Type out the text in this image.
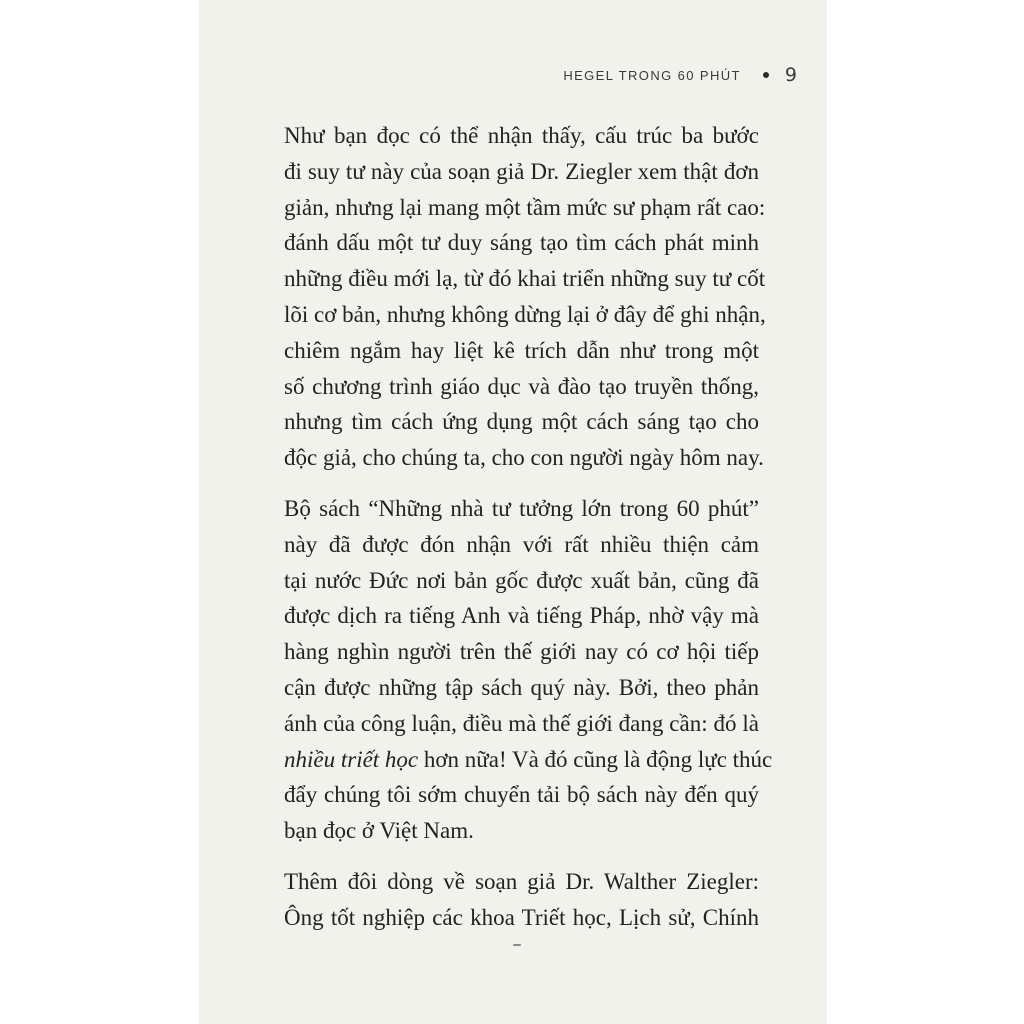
HEGEL TRONG 60 PHÚT 9

Như bạn đọc có thể nhận thấy, cấu trúc ba bước
đi suy tư này của soạn giả Dr. Ziegler xem thật đơn
giản, nhưng lại mang một tầm mức sư phạm rất cao:
đánh dấu một tư duy sáng tạo tìm cách phát minh
những điều mới lạ, từ đó khai triển những suy tư cốt
lõi cơ bản, nhưng không dừng lại ở đây để ghi nhận,
chiêm ngắm hay liệt kê trích dẫn như trong một
số chương trình giáo dục và đào tạo truyền thống,
nhưng tìm cách ứng dụng một cách sáng tạo cho
độc giả, cho chúng ta, cho con người ngày hôm nay.

Bộ sách “Những nhà tư tưởng lớn trong 60 phút”
này đã được đón nhận với rất nhiều thiện cảm
tại nước Đức nơi bản gốc được xuất bản, cũng đã
được dịch ra tiếng Anh và tiếng Pháp, nhờ vậy mà
hàng nghìn người trên thế giới nay có cơ hội tiếp
cận được những tập sách quý này. Bởi, theo phản
ánh của công luận, điều mà thế giới đang cần: đó là
nhiều triết học hơn nữa! Và đó cũng là động lực thúc
đẩy chúng tôi sớm chuyển tải bộ sách này đến quý
bạn đọc ở Việt Nam.

Thêm đôi dòng về soạn giả Dr. Walther Ziegler:
Ông tốt nghiệp các khoa Triết học, Lịch sử, Chính
